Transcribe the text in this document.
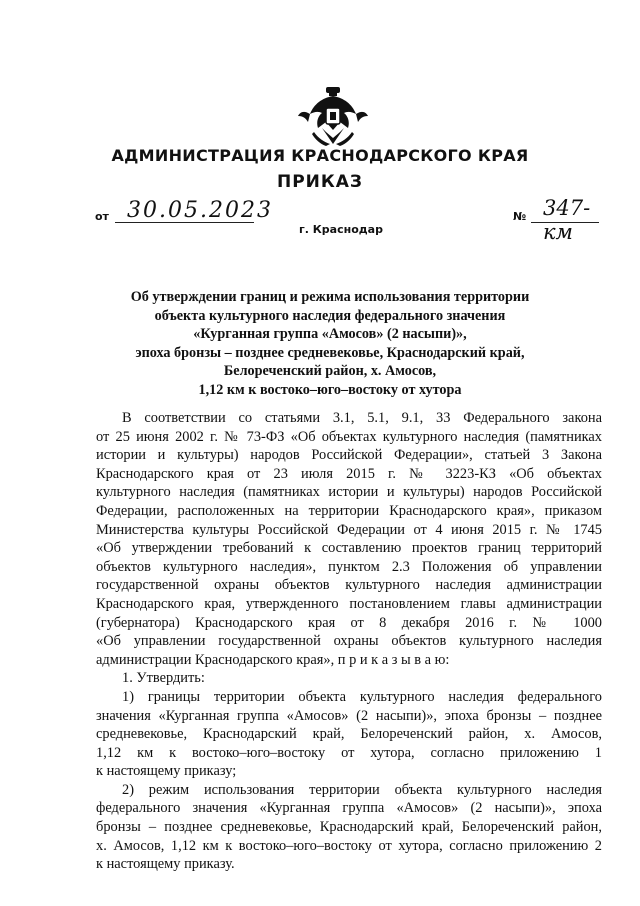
АДМИНИСТРАЦИЯ КРАСНОДАРСКОГО КРАЯ
ПРИКАЗ
от 30.05.2023	№ 347-км
г. Краснодар
Об утверждении границ и режима использования территории
объекта культурного наследия федерального значения
«Курганная группа «Амосов» (2 насыпи)»,
эпоха бронзы – позднее средневековье, Краснодарский край,
Белореченский район, х. Амосов,
1,12 км к востоко–юго–востоку от хутора
В соответствии со статьями 3.1, 5.1, 9.1, 33 Федерального закона
от 25 июня 2002 г. № 73-ФЗ «Об объектах культурного наследия (памятниках
истории и культуры) народов Российской Федерации», статьей 3 Закона
Краснодарского края от 23 июля 2015 г. № 3223-КЗ «Об объектах
культурного наследия (памятниках истории и культуры) народов Российской
Федерации, расположенных на территории Краснодарского края», приказом
Министерства культуры Российской Федерации от 4 июня 2015 г. № 1745
«Об утверждении требований к составлению проектов границ территорий
объектов культурного наследия», пунктом 2.3 Положения об управлении
государственной охраны объектов культурного наследия администрации
Краснодарского края, утвержденного постановлением главы администрации
(губернатора) Краснодарского края от 8 декабря 2016 г. № 1000
«Об управлении государственной охраны объектов культурного наследия
администрации Краснодарского края», п р и к а з ы в а ю:
1. Утвердить:
1) границы территории объекта культурного наследия федерального
значения «Курганная группа «Амосов» (2 насыпи)», эпоха бронзы – позднее
средневековье, Краснодарский край, Белореченский район, х. Амосов,
1,12 км к востоко–юго–востоку от хутора, согласно приложению 1
к настоящему приказу;
2) режим использования территории объекта культурного наследия
федерального значения «Курганная группа «Амосов» (2 насыпи)», эпоха
бронзы – позднее средневековье, Краснодарский край, Белореченский район,
х. Амосов, 1,12 км к востоко–юго–востоку от хутора, согласно приложению 2
к настоящему приказу.
